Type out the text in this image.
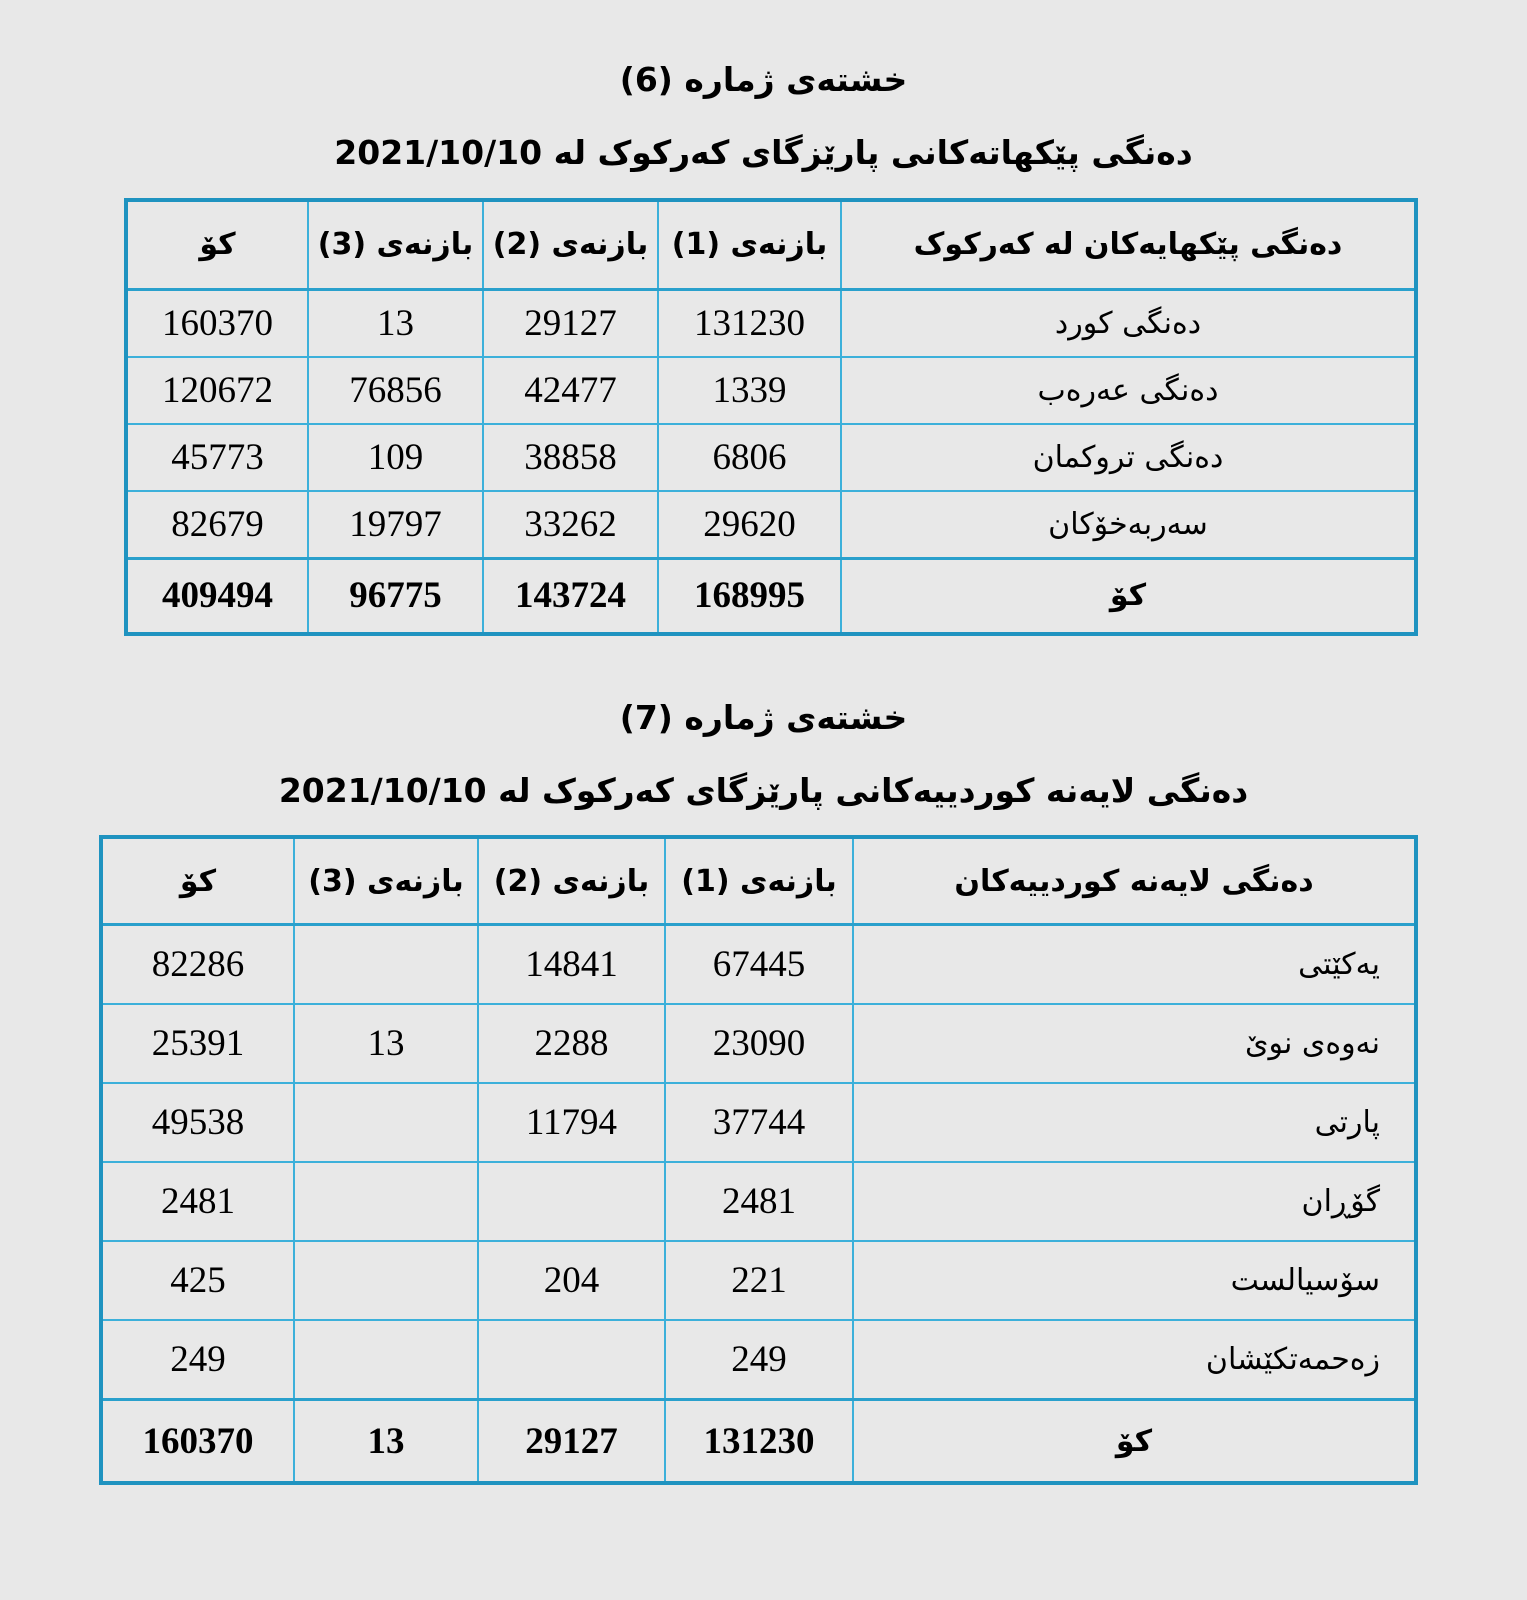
خشتەی ژمارە (6)
دەنگی پێکهاتەکانی پارێزگای کەرکوک لە 2021/10/10
دەنگی پێکهایەکان لە کەرکوک	بازنەی (1)	بازنەی (2)	بازنەی (3)	کۆ
دەنگی کورد	131230	29127	13	160370
دەنگی عەرەب	1339	42477	76856	120672
دەنگی تروکمان	6806	38858	109	45773
سەربەخۆکان	29620	33262	19797	82679
کۆ	168995	143724	96775	409494
خشتەی ژمارە (7)
دەنگی لایەنە کوردییەکانی پارێزگای کەرکوک لە 2021/10/10
دەنگی لایەنە کوردییەکان	بازنەی (1)	بازنەی (2)	بازنەی (3)	کۆ
یەکێتی	67445	14841		82286
نەوەی نوێ	23090	2288	13	25391
پارتی	37744	11794		49538
گۆڕان	2481			2481
سۆسیالست	221	204		425
زەحمەتکێشان	249			249
کۆ	131230	29127	13	160370
